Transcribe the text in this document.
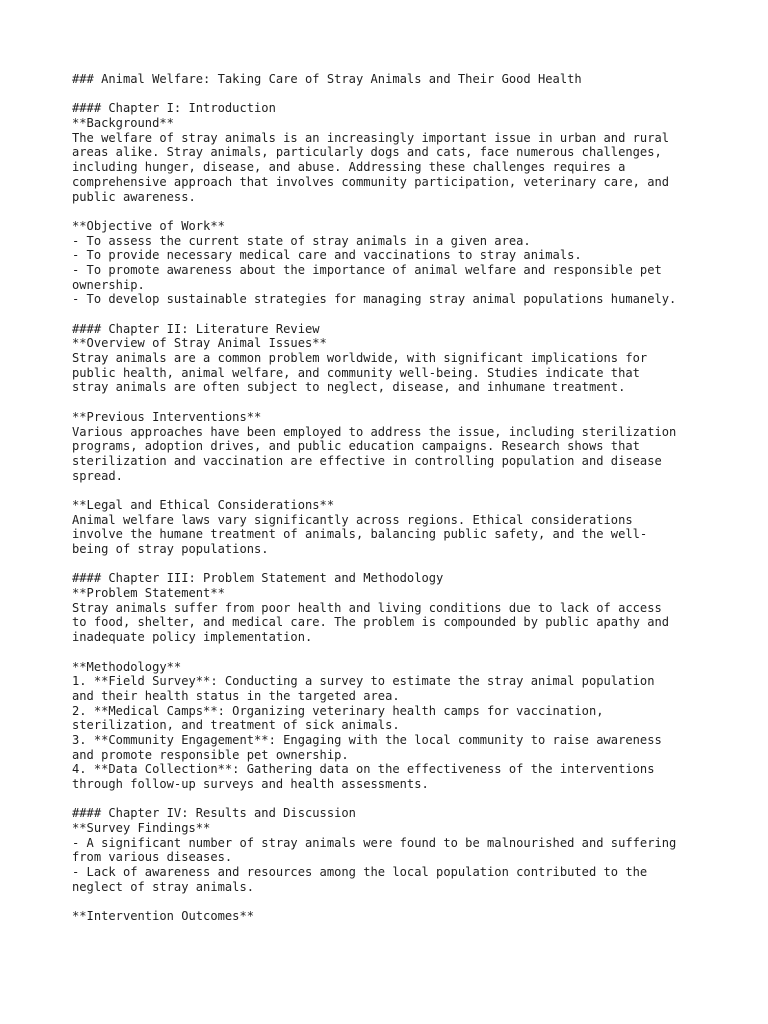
### Animal Welfare: Taking Care of Stray Animals and Their Good Health
#### Chapter I: Introduction
**Background**
The welfare of stray animals is an increasingly important issue in urban and rural
areas alike. Stray animals, particularly dogs and cats, face numerous challenges,
including hunger, disease, and abuse. Addressing these challenges requires a
comprehensive approach that involves community participation, veterinary care, and
public awareness.
**Objective of Work**
- To assess the current state of stray animals in a given area.
- To provide necessary medical care and vaccinations to stray animals.
- To promote awareness about the importance of animal welfare and responsible pet
ownership.
- To develop sustainable strategies for managing stray animal populations humanely.
#### Chapter II: Literature Review
**Overview of Stray Animal Issues**
Stray animals are a common problem worldwide, with significant implications for
public health, animal welfare, and community well-being. Studies indicate that
stray animals are often subject to neglect, disease, and inhumane treatment.
**Previous Interventions**
Various approaches have been employed to address the issue, including sterilization
programs, adoption drives, and public education campaigns. Research shows that
sterilization and vaccination are effective in controlling population and disease
spread.
**Legal and Ethical Considerations**
Animal welfare laws vary significantly across regions. Ethical considerations
involve the humane treatment of animals, balancing public safety, and the well-
being of stray populations.
#### Chapter III: Problem Statement and Methodology
**Problem Statement**
Stray animals suffer from poor health and living conditions due to lack of access
to food, shelter, and medical care. The problem is compounded by public apathy and
inadequate policy implementation.
**Methodology**
1. **Field Survey**: Conducting a survey to estimate the stray animal population
and their health status in the targeted area.
2. **Medical Camps**: Organizing veterinary health camps for vaccination,
sterilization, and treatment of sick animals.
3. **Community Engagement**: Engaging with the local community to raise awareness
and promote responsible pet ownership.
4. **Data Collection**: Gathering data on the effectiveness of the interventions
through follow-up surveys and health assessments.
#### Chapter IV: Results and Discussion
**Survey Findings**
- A significant number of stray animals were found to be malnourished and suffering
from various diseases.
- Lack of awareness and resources among the local population contributed to the
neglect of stray animals.
**Intervention Outcomes**
